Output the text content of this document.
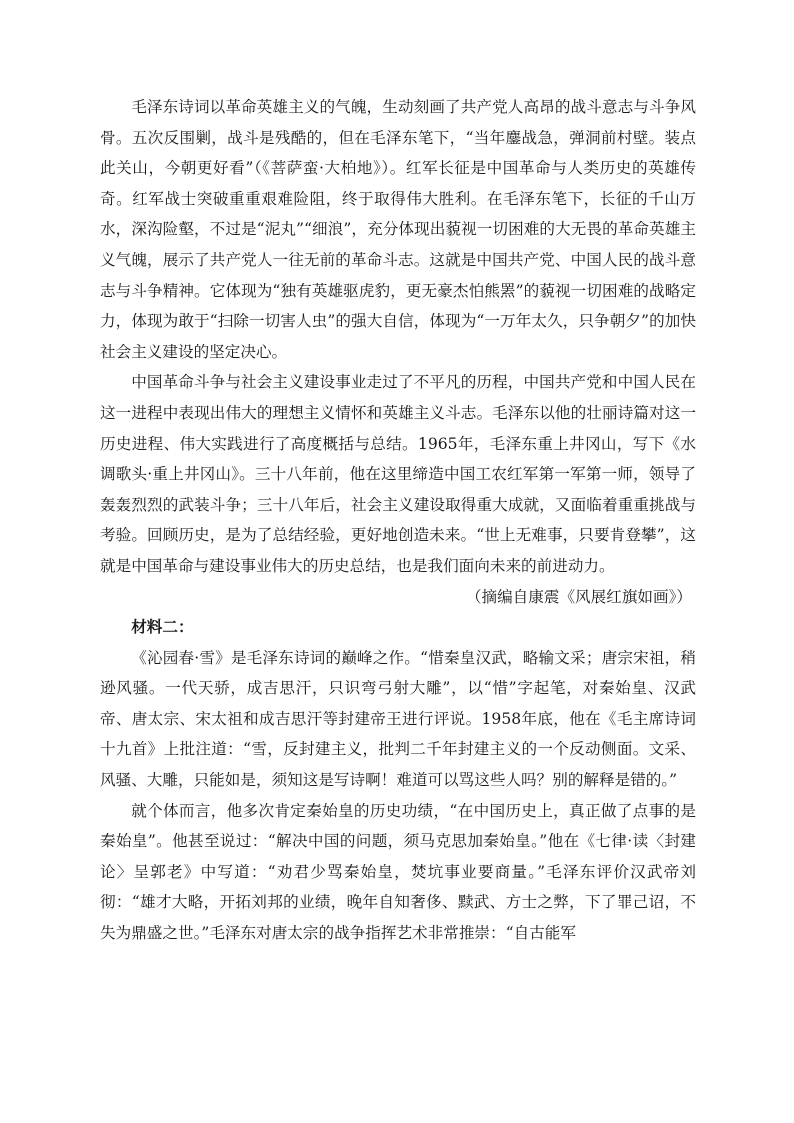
毛泽东诗词以革命英雄主义的气魄，生动刻画了共产党人高昂的战斗意志与斗争风骨。五次反围剿，战斗是残酷的，但在毛泽东笔下，“当年鏖战急，弹洞前村壁。装点此关山，今朝更好看”（《菩萨蛮·大柏地》）。红军长征是中国革命与人类历史的英雄传奇。红军战士突破重重艰难险阻，终于取得伟大胜利。在毛泽东笔下，长征的千山万水，深沟险壑，不过是“泥丸”“细浪”，充分体现出藐视一切困难的大无畏的革命英雄主义气魄，展示了共产党人一往无前的革命斗志。这就是中国共产党、中国人民的战斗意志与斗争精神。它体现为“独有英雄驱虎豹，更无豪杰怕熊罴”的藐视一切困难的战略定力，体现为敢于“扫除一切害人虫”的强大自信，体现为“一万年太久，只争朝夕”的加快社会主义建设的坚定决心。

中国革命斗争与社会主义建设事业走过了不平凡的历程，中国共产党和中国人民在这一进程中表现出伟大的理想主义情怀和英雄主义斗志。毛泽东以他的壮丽诗篇对这一历史进程、伟大实践进行了高度概括与总结。1965年，毛泽东重上井冈山，写下《水调歌头·重上井冈山》。三十八年前，他在这里缔造中国工农红军第一军第一师，领导了轰轰烈烈的武装斗争；三十八年后，社会主义建设取得重大成就，又面临着重重挑战与考验。回顾历史，是为了总结经验，更好地创造未来。“世上无难事，只要肯登攀”，这就是中国革命与建设事业伟大的历史总结，也是我们面向未来的前进动力。

（摘编自康震《风展红旗如画》）

材料二：

《沁园春·雪》是毛泽东诗词的巅峰之作。“惜秦皇汉武，略输文采；唐宗宋祖，稍逊风骚。一代天骄，成吉思汗，只识弯弓射大雕”，以“惜”字起笔，对秦始皇、汉武帝、唐太宗、宋太祖和成吉思汗等封建帝王进行评说。1958年底，他在《毛主席诗词十九首》上批注道：“雪，反封建主义，批判二千年封建主义的一个反动侧面。文采、风骚、大雕，只能如是，须知这是写诗啊！难道可以骂这些人吗？别的解释是错的。”

就个体而言，他多次肯定秦始皇的历史功绩，“在中国历史上，真正做了点事的是秦始皇”。他甚至说过：“解决中国的问题，须马克思加秦始皇。”他在《七律·读〈封建论〉呈郭老》中写道：“劝君少骂秦始皇，焚坑事业要商量。”毛泽东评价汉武帝刘彻：“雄才大略，开拓刘邦的业绩，晚年自知奢侈、黩武、方士之弊，下了罪己诏，不失为鼎盛之世。”毛泽东对唐太宗的战争指挥艺术非常推崇：“自古能军
